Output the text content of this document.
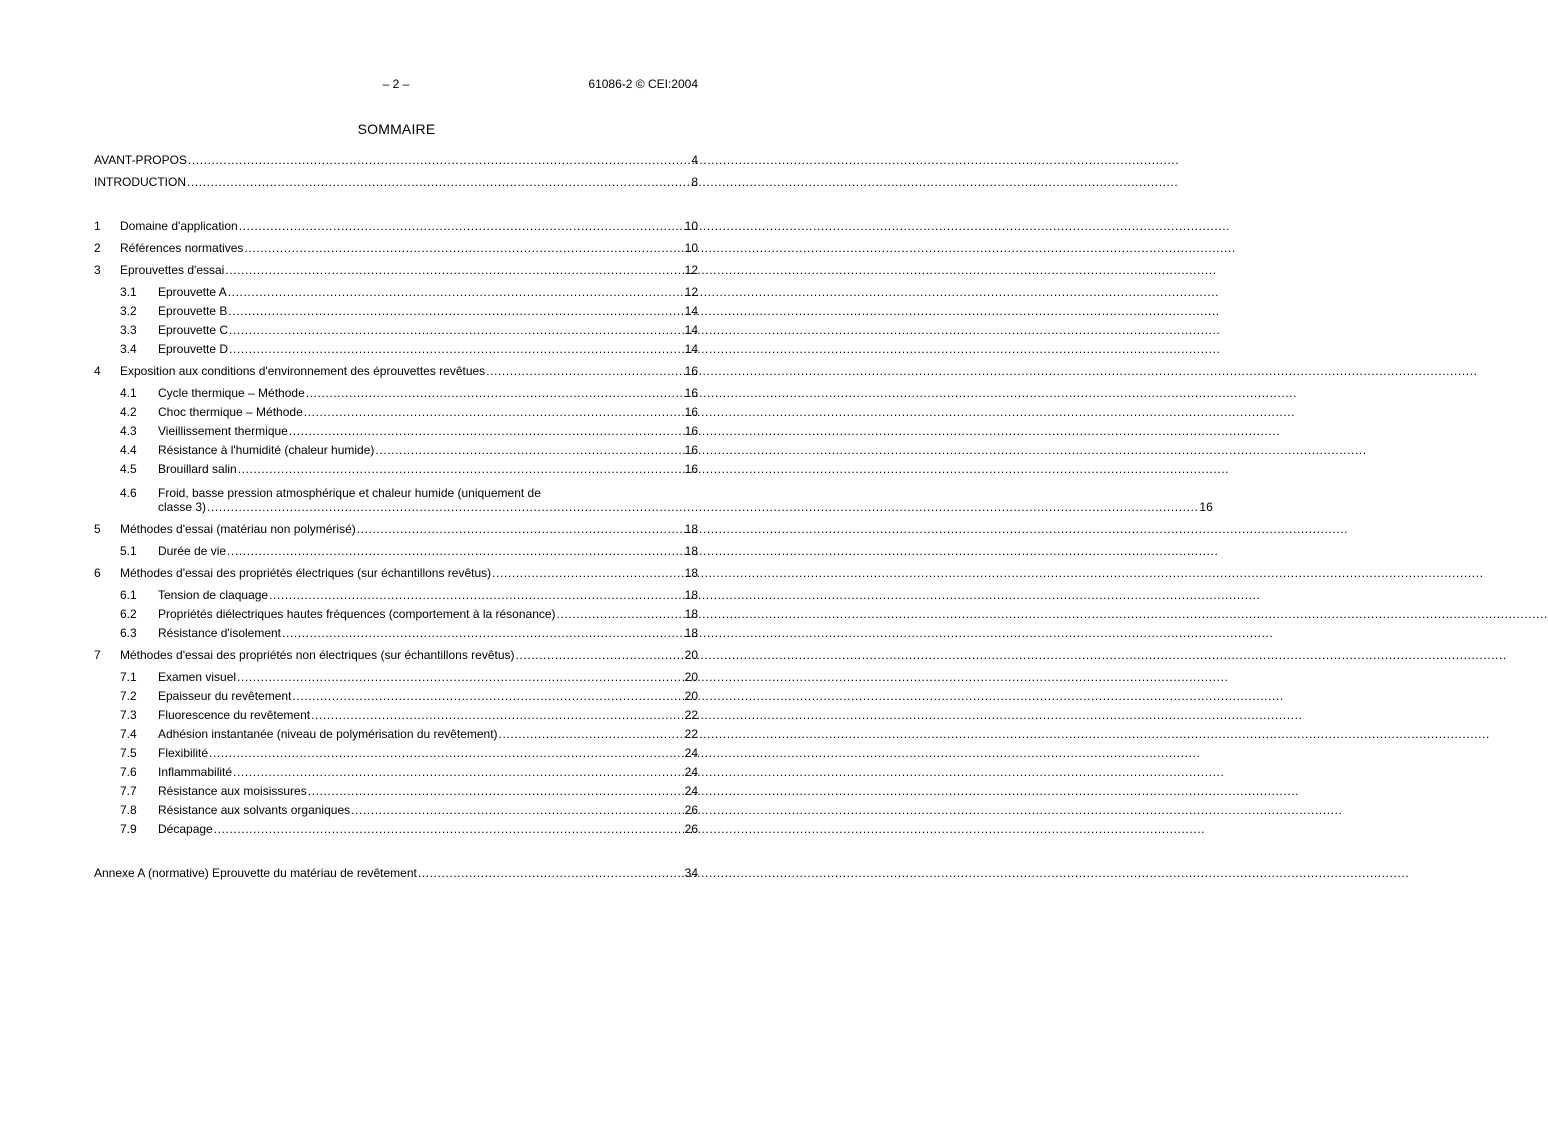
– 2 –	61086-2 © CEI:2004
SOMMAIRE
AVANT-PROPOS .....	4
INTRODUCTION .....	8
1	Domaine d'application .....	10
2	Références normatives .....	10
3	Eprouvettes d'essai .....	12
3.1	Eprouvette A .....	12
3.2	Eprouvette B .....	14
3.3	Eprouvette C .....	14
3.4	Eprouvette D .....	14
4	Exposition aux conditions d'environnement des éprouvettes revêtues .....	16
4.1	Cycle thermique – Méthode .....	16
4.2	Choc thermique – Méthode .....	16
4.3	Vieillissement thermique .....	16
4.4	Résistance à l'humidité (chaleur humide) .....	16
4.5	Brouillard salin .....	16
4.6	Froid, basse pression atmosphérique et chaleur humide (uniquement de
classe 3) .....	16
5	Méthodes d'essai (matériau non polymérisé) .....	18
5.1	Durée de vie .....	18
6	Méthodes d'essai des propriétés électriques (sur échantillons revêtus) .....	18
6.1	Tension de claquage .....	18
6.2	Propriétés diélectriques hautes fréquences (comportement à la résonance) .....	18
6.3	Résistance d'isolement .....	18
7	Méthodes d'essai des propriétés non électriques (sur échantillons revêtus) .....	20
7.1	Examen visuel .....	20
7.2	Epaisseur du revêtement .....	20
7.3	Fluorescence du revêtement .....	22
7.4	Adhésion instantanée (niveau de polymérisation du revêtement) .....	22
7.5	Flexibilité .....	24
7.6	Inflammabilité .....	24
7.7	Résistance aux moisissures .....	24
7.8	Résistance aux solvants organiques .....	26
7.9	Décapage .....	26
Annexe A (normative) Eprouvette du matériau de revêtement .....	34
